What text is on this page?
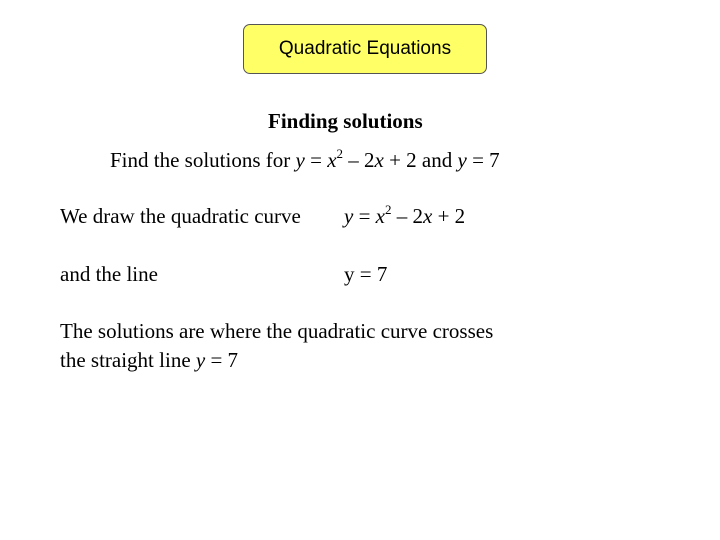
Quadratic Equations
Finding solutions
Find the solutions for $y = x^2 - 2x + 2$ and y = 7
We draw the quadratic curve $y = x^2 - 2x + 2$
and the line	y = 7
The solutions are where the quadratic curve crosses
the straight line y = 7
